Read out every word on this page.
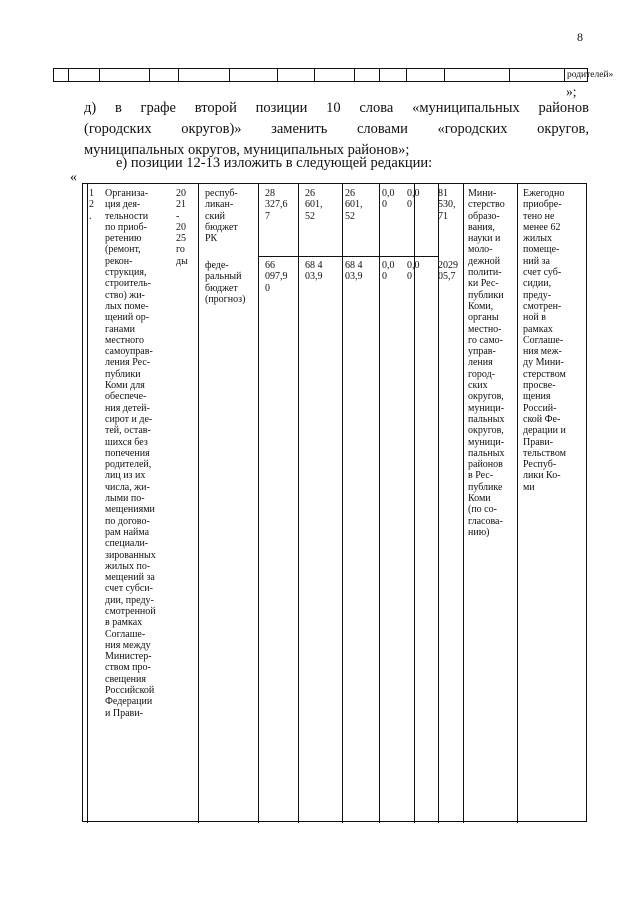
8
родителей»
»;
д) в графе второй позиции 10 слова «муниципальных районов
(городских округов)» заменить словами «городских округов,
муниципальных округов, муниципальных районов»;
е) позиции 12-13 изложить в следующей редакции:
«
1
2
.
Организа-
ция дея-
тельности
по приоб-
ретению
(ремонт,
рекон-
струкция,
строитель-
ство) жи-
лых поме-
щений ор-
ганами
местного
самоуправ-
ления Рес-
публики
Коми для
обеспече-
ния детей-
сирот и де-
тей, остав-
шихся без
попечения
родителей,
лиц из их
числа, жи-
лыми по-
мещениями
по догово-
рам найма
специали-
зированных
жилых по-
мещений за
счет субси-
дии, преду-
смотренной
в рамках
Соглаше-
ния между
Министер-
ством про-
свещения
Российской
Федерации
и Прави-
20
21
-
20
25
го
ды
респуб-
ликан-
ский
бюджет
РК
28
327,6
7
26
601,
52
26
601,
52
0,0
0
0,0
0
81
530,
71
феде-
ральный
бюджет
(прогноз)
66
097,9
0
68 4
03,9
68 4
03,9
0,0
0
0,0
0
2029
05,7
Мини-
стерство
образо-
вания,
науки и
моло-
дежной
полити-
ки Рес-
публики
Коми,
органы
местно-
го само-
управ-
ления
город-
ских
округов,
муници-
пальных
округов,
муници-
пальных
районов
в Рес-
публике
Коми
(по со-
гласова-
нию)
Ежегодно
приобре-
тено не
менее 62
жилых
помеще-
ний за
счет суб-
сидии,
преду-
смотрен-
ной в
рамках
Соглаше-
ния меж-
ду Мини-
стерством
просве-
щения
Россий-
ской Фе-
дерации и
Прави-
тельством
Респуб-
лики Ко-
ми
